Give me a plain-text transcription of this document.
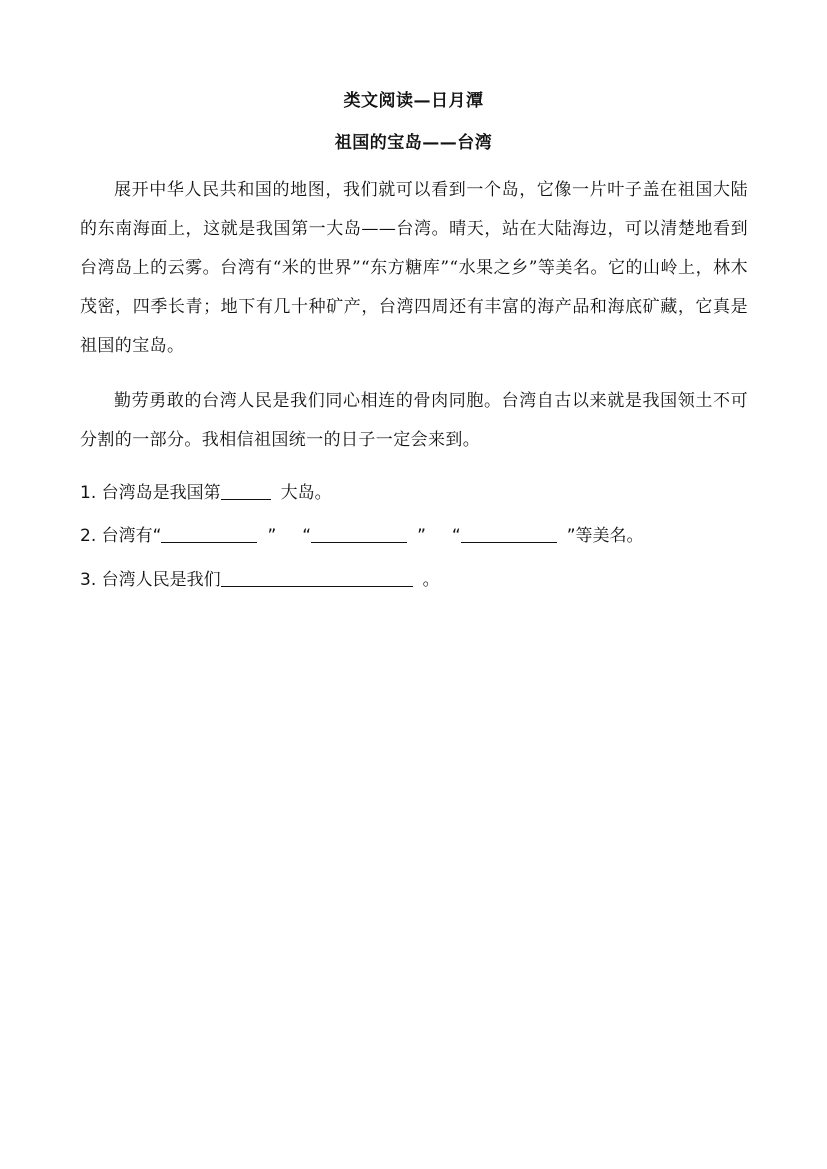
类文阅读—日月潭
祖国的宝岛——台湾

展开中华人民共和国的地图，我们就可以看到一个岛，它像一片叶子盖在祖国大陆的东南海面上，这就是我国第一大岛——台湾。晴天，站在大陆海边，可以清楚地看到台湾岛上的云雾。台湾有“米的世界”“东方糖库”“水果之乡”等美名。它的山岭上，林木茂密，四季长青；地下有几十种矿产，台湾四周还有丰富的海产品和海底矿藏，它真是祖国的宝岛。

勤劳勇敢的台湾人民是我们同心相连的骨肉同胞。台湾自古以来就是我国领土不可分割的一部分。我相信祖国统一的日子一定会来到。

1. 台湾岛是我国第	大岛。
2. 台湾有“	” “	” “	”等美名。
3. 台湾人民是我们	。
